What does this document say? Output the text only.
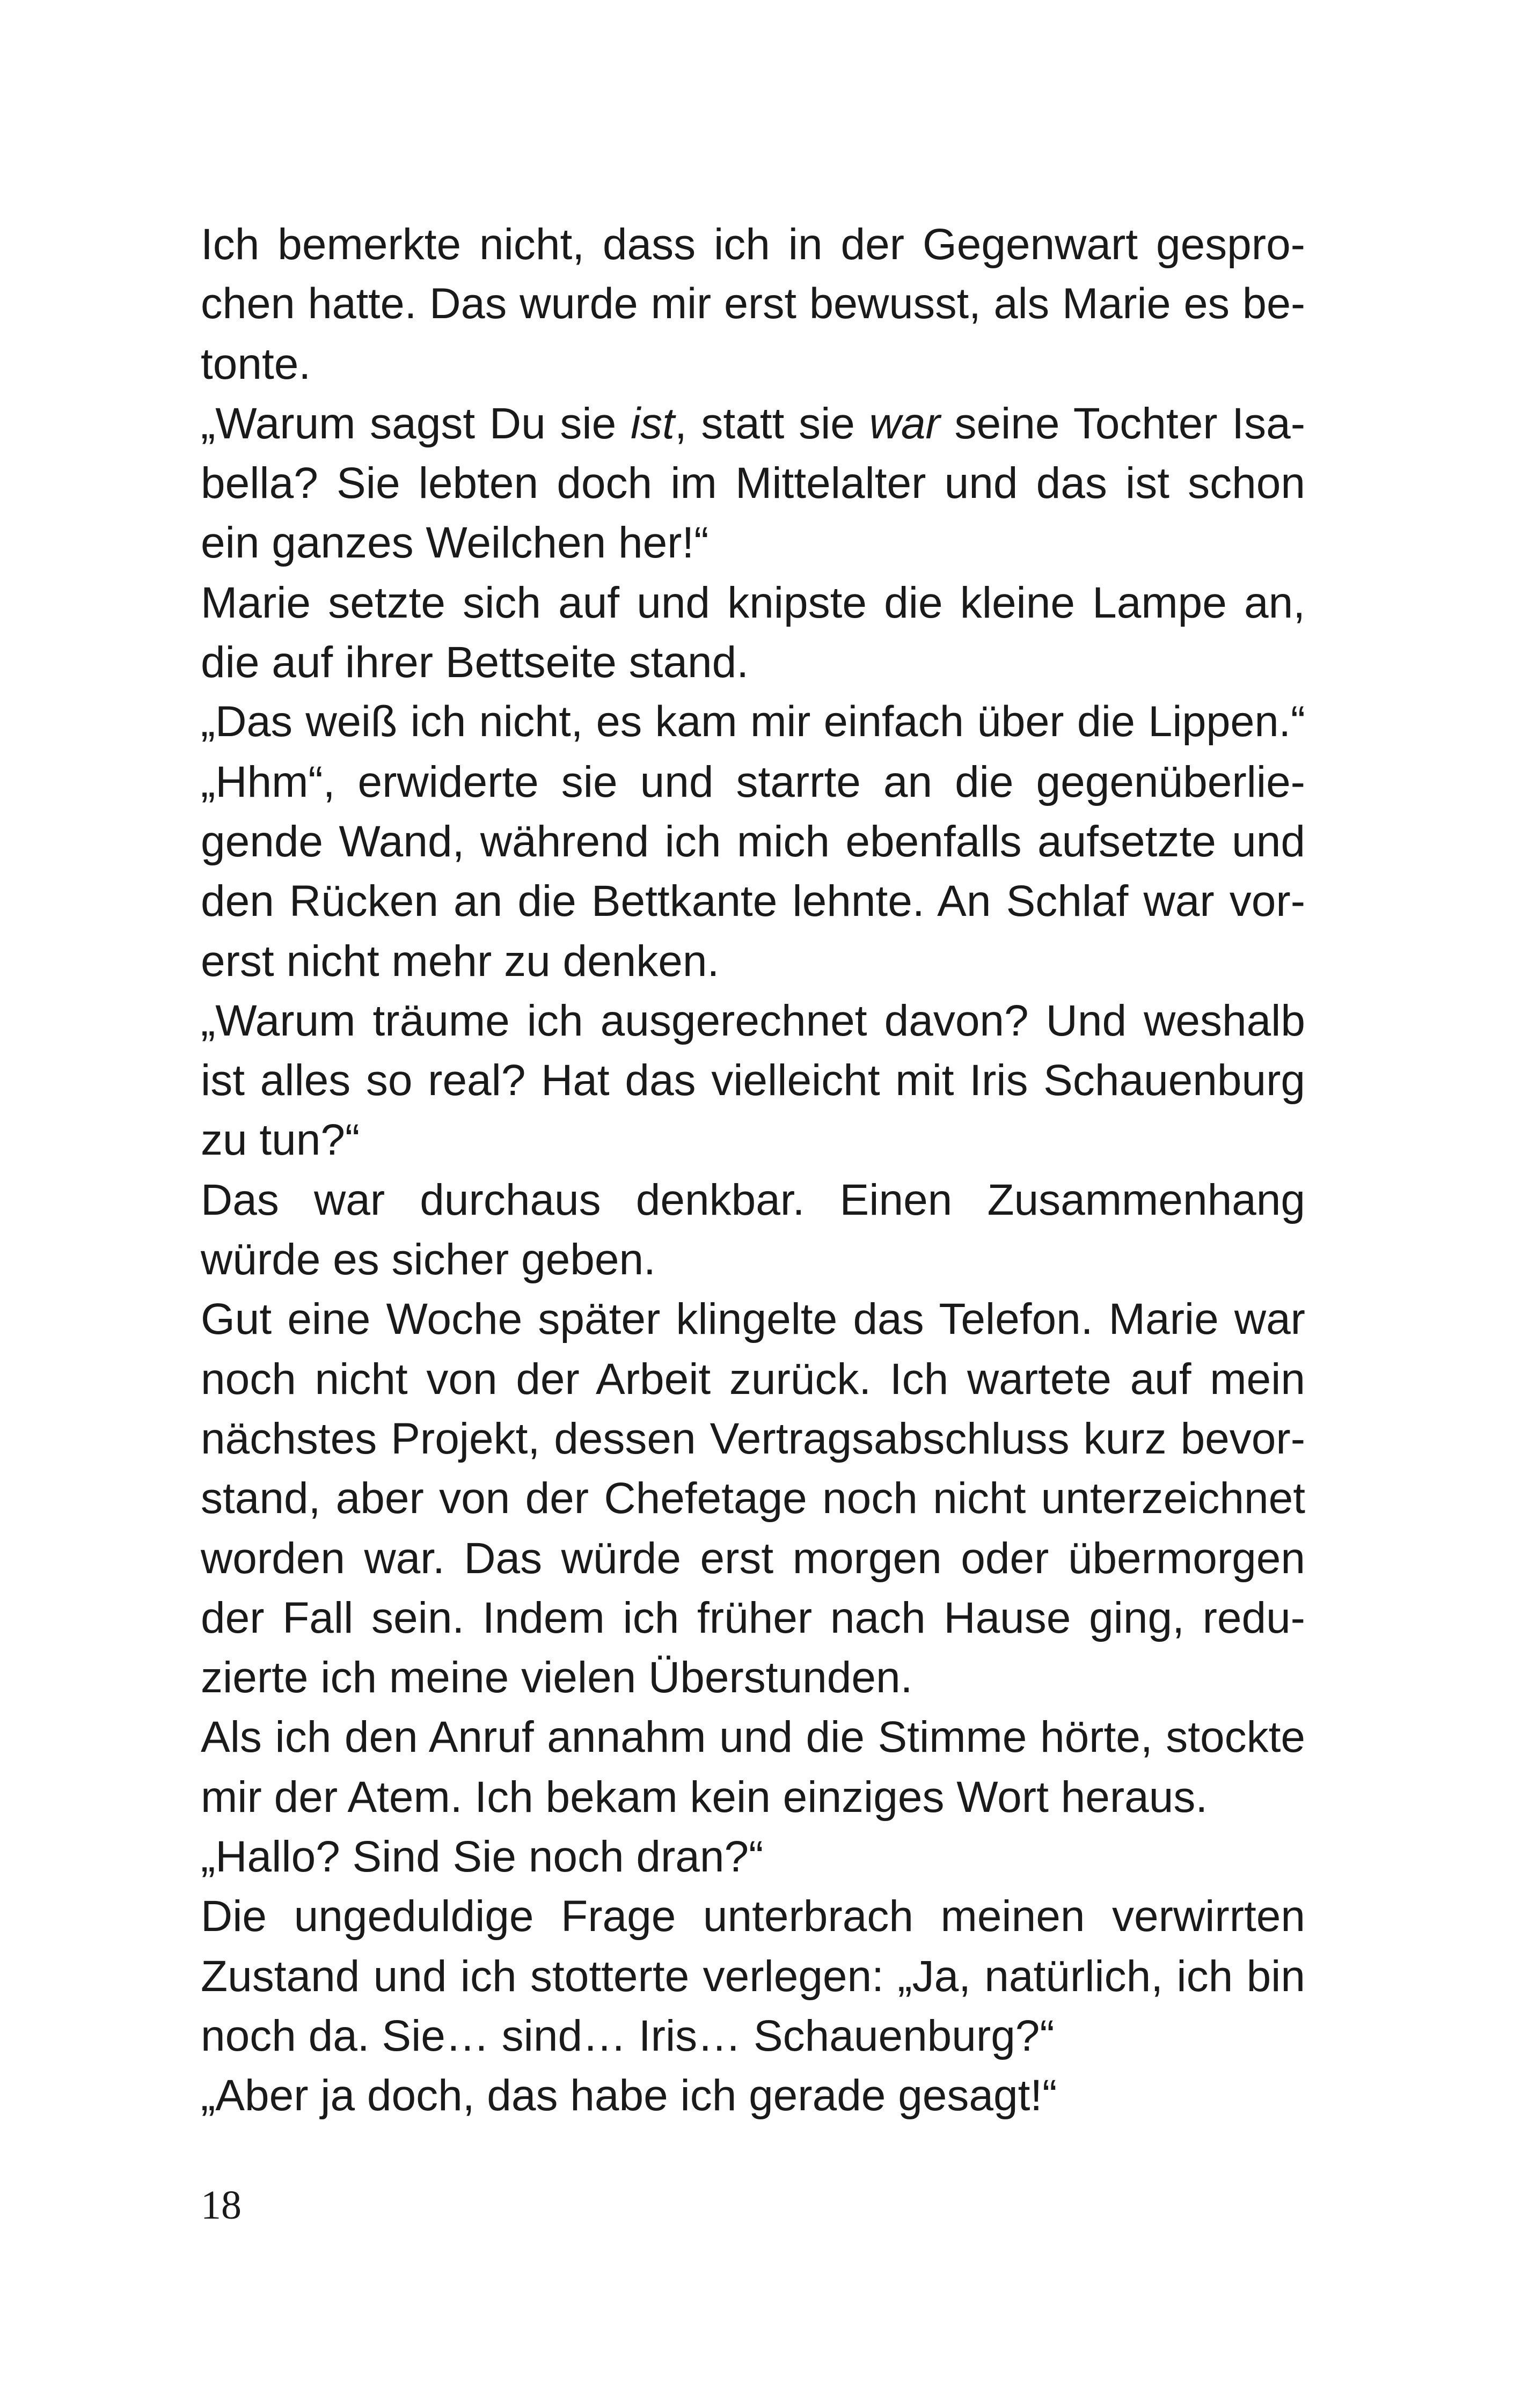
Ich bemerkte nicht, dass ich in der Gegenwart gespro-
chen hatte. Das wurde mir erst bewusst, als Marie es be-
tonte.
„Warum sagst Du sie ist, statt sie war seine Tochter Isa-
bella? Sie lebten doch im Mittelalter und das ist schon
ein ganzes Weilchen her!“
Marie setzte sich auf und knipste die kleine Lampe an,
die auf ihrer Bettseite stand.
„Das weiß ich nicht, es kam mir einfach über die Lippen.“
„Hhm“, erwiderte sie und starrte an die gegenüberlie-
gende Wand, während ich mich ebenfalls aufsetzte und
den Rücken an die Bettkante lehnte. An Schlaf war vor-
erst nicht mehr zu denken.
„Warum träume ich ausgerechnet davon? Und weshalb
ist alles so real? Hat das vielleicht mit Iris Schauenburg
zu tun?“
Das war durchaus denkbar. Einen Zusammenhang
würde es sicher geben.
Gut eine Woche später klingelte das Telefon. Marie war
noch nicht von der Arbeit zurück. Ich wartete auf mein
nächstes Projekt, dessen Vertragsabschluss kurz bevor-
stand, aber von der Chefetage noch nicht unterzeichnet
worden war. Das würde erst morgen oder übermorgen
der Fall sein. Indem ich früher nach Hause ging, redu-
zierte ich meine vielen Überstunden.
Als ich den Anruf annahm und die Stimme hörte, stockte
mir der Atem. Ich bekam kein einziges Wort heraus.
„Hallo? Sind Sie noch dran?“
Die ungeduldige Frage unterbrach meinen verwirrten
Zustand und ich stotterte verlegen: „Ja, natürlich, ich bin
noch da. Sie… sind… Iris… Schauenburg?“
„Aber ja doch, das habe ich gerade gesagt!“
18
